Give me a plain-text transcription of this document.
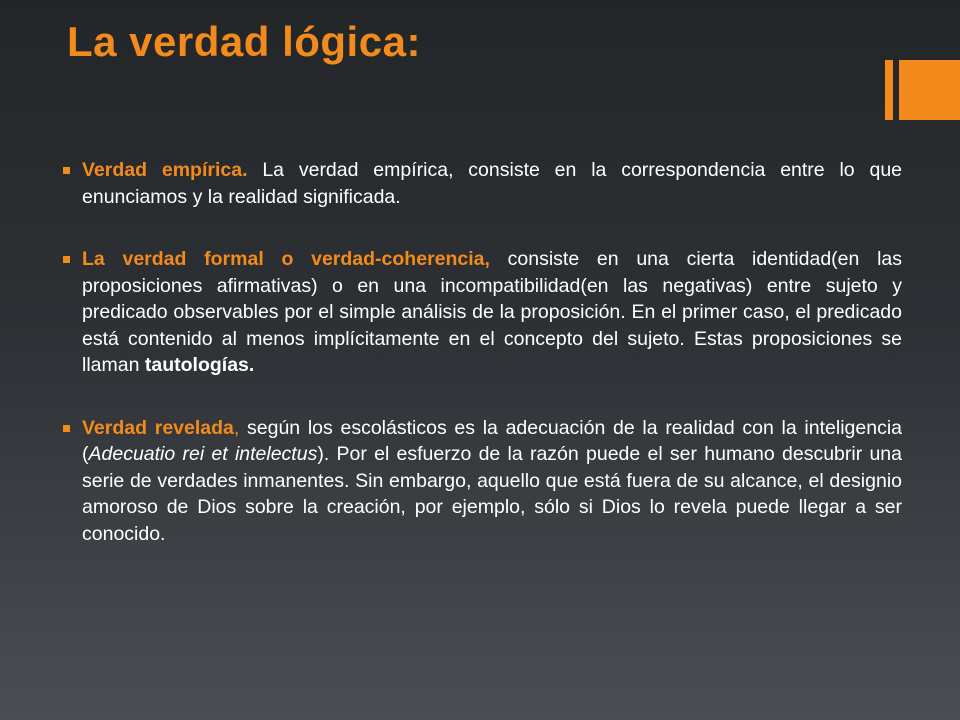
La verdad lógica:

Verdad empírica. La verdad empírica, consiste en la correspondencia entre lo que enunciamos y la realidad significada.

La verdad formal o verdad-coherencia, consiste en una cierta identidad(en las proposiciones afirmativas) o en una incompatibilidad(en las negativas) entre sujeto y predicado observables por el simple análisis de la proposición. En el primer caso, el predicado está contenido al menos implícitamente en el concepto del sujeto. Estas proposiciones se llaman tautologías.

Verdad revelada, según los escolásticos es la adecuación de la realidad con la inteligencia (Adecuatio rei et intelectus). Por el esfuerzo de la razón puede el ser humano descubrir una serie de verdades inmanentes. Sin embargo, aquello que está fuera de su alcance, el designio amoroso de Dios sobre la creación, por ejemplo, sólo si Dios lo revela puede llegar a ser conocido.
